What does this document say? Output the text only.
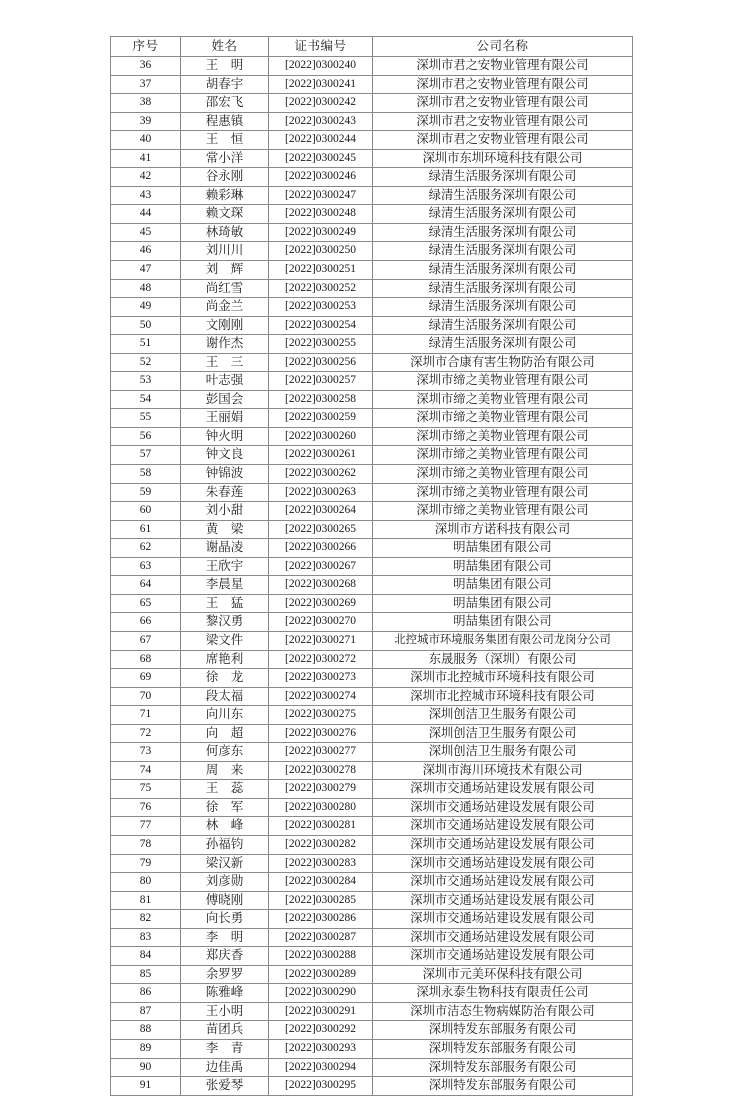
序号	姓名	证书编号	公司名称
36	王　明	[2022]0300240	深圳市君之安物业管理有限公司
37	胡春宇	[2022]0300241	深圳市君之安物业管理有限公司
38	邵宏飞	[2022]0300242	深圳市君之安物业管理有限公司
39	程惠镇	[2022]0300243	深圳市君之安物业管理有限公司
40	王　恒	[2022]0300244	深圳市君之安物业管理有限公司
41	常小洋	[2022]0300245	深圳市东圳环境科技有限公司
42	谷永刚	[2022]0300246	绿清生活服务深圳有限公司
43	赖彩琳	[2022]0300247	绿清生活服务深圳有限公司
44	赖文琛	[2022]0300248	绿清生活服务深圳有限公司
45	林琦敏	[2022]0300249	绿清生活服务深圳有限公司
46	刘川川	[2022]0300250	绿清生活服务深圳有限公司
47	刘　辉	[2022]0300251	绿清生活服务深圳有限公司
48	尚红雪	[2022]0300252	绿清生活服务深圳有限公司
49	尚金兰	[2022]0300253	绿清生活服务深圳有限公司
50	文刚刚	[2022]0300254	绿清生活服务深圳有限公司
51	谢作杰	[2022]0300255	绿清生活服务深圳有限公司
52	王　三	[2022]0300256	深圳市合康有害生物防治有限公司
53	叶志强	[2022]0300257	深圳市缔之美物业管理有限公司
54	彭国会	[2022]0300258	深圳市缔之美物业管理有限公司
55	王丽娟	[2022]0300259	深圳市缔之美物业管理有限公司
56	钟火明	[2022]0300260	深圳市缔之美物业管理有限公司
57	钟文良	[2022]0300261	深圳市缔之美物业管理有限公司
58	钟锦波	[2022]0300262	深圳市缔之美物业管理有限公司
59	朱春莲	[2022]0300263	深圳市缔之美物业管理有限公司
60	刘小甜	[2022]0300264	深圳市缔之美物业管理有限公司
61	黄　梁	[2022]0300265	深圳市方诺科技有限公司
62	谢晶凌	[2022]0300266	明喆集团有限公司
63	王欣宇	[2022]0300267	明喆集团有限公司
64	李晨星	[2022]0300268	明喆集团有限公司
65	王　猛	[2022]0300269	明喆集团有限公司
66	黎汉勇	[2022]0300270	明喆集团有限公司
67	梁文件	[2022]0300271	北控城市环境服务集团有限公司龙岗分公司
68	席艳利	[2022]0300272	东晟服务（深圳）有限公司
69	徐　龙	[2022]0300273	深圳市北控城市环境科技有限公司
70	段太福	[2022]0300274	深圳市北控城市环境科技有限公司
71	向川东	[2022]0300275	深圳创洁卫生服务有限公司
72	向　超	[2022]0300276	深圳创洁卫生服务有限公司
73	何彦东	[2022]0300277	深圳创洁卫生服务有限公司
74	周　来	[2022]0300278	深圳市海川环境技术有限公司
75	王　蕊	[2022]0300279	深圳市交通场站建设发展有限公司
76	徐　军	[2022]0300280	深圳市交通场站建设发展有限公司
77	林　峰	[2022]0300281	深圳市交通场站建设发展有限公司
78	孙福钧	[2022]0300282	深圳市交通场站建设发展有限公司
79	梁汉新	[2022]0300283	深圳市交通场站建设发展有限公司
80	刘彦勋	[2022]0300284	深圳市交通场站建设发展有限公司
81	傅晓刚	[2022]0300285	深圳市交通场站建设发展有限公司
82	向长勇	[2022]0300286	深圳市交通场站建设发展有限公司
83	李　明	[2022]0300287	深圳市交通场站建设发展有限公司
84	郑庆香	[2022]0300288	深圳市交通场站建设发展有限公司
85	余罗罗	[2022]0300289	深圳市元美环保科技有限公司
86	陈雅峰	[2022]0300290	深圳永泰生物科技有限责任公司
87	王小明	[2022]0300291	深圳市洁态生物病媒防治有限公司
88	苗团兵	[2022]0300292	深圳特发东部服务有限公司
89	李　青	[2022]0300293	深圳特发东部服务有限公司
90	边佳禹	[2022]0300294	深圳特发东部服务有限公司
91	张爱琴	[2022]0300295	深圳特发东部服务有限公司
